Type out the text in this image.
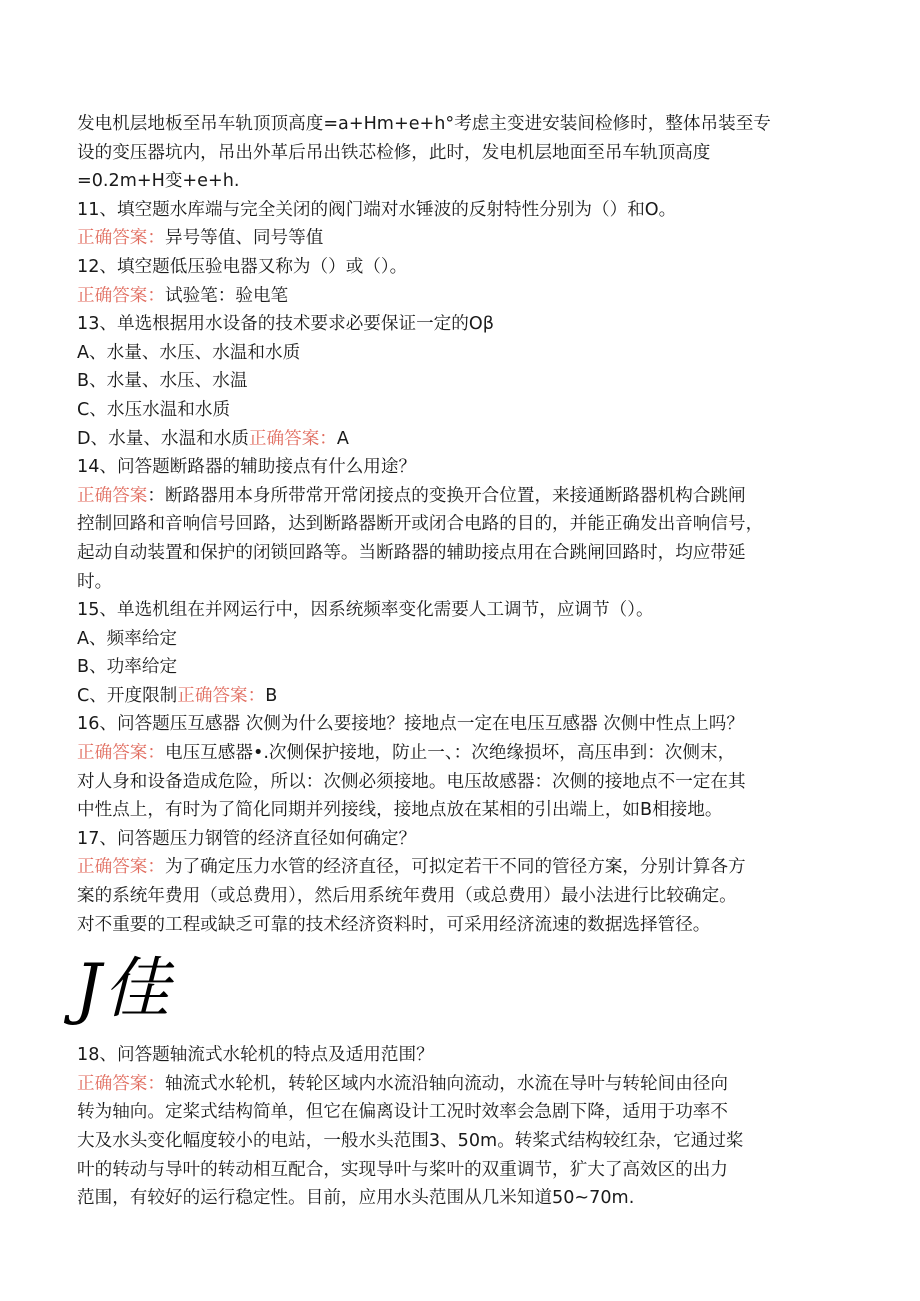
发电机层地板至吊车轨顶顶高度=a+Hm+e+h°考虑主变进安装间检修时，整体吊装至专
设的变压器坑内，吊出外革后吊出铁芯检修，此时，发电机层地面至吊车轨顶高度
=0.2m+H变+e+h.
11、填空题水库端与完全关闭的阀门端对水锤波的反射特性分别为（）和O。
正确答案：异号等值、同号等值
12、填空题低压验电器又称为（）或（）。
正确答案：试验笔：验电笔
13、单选根据用水设备的技术要求必要保证一定的Oβ
A、水量、水压、水温和水质
B、水量、水压、水温
C、水压水温和水质
D、水量、水温和水质正确答案：A
14、问答题断路器的辅助接点有什么用途？
正确答案：断路器用本身所带常开常闭接点的变换开合位置，来接通断路器机构合跳闸
控制回路和音响信号回路，达到断路器断开或闭合电路的目的，并能正确发出音响信号，
起动自动装置和保护的闭锁回路等。当断路器的辅助接点用在合跳闸回路时，均应带延
时。
15、单选机组在并网运行中，因系统频率变化需要人工调节，应调节（）。
A、频率给定
B、功率给定
C、开度限制正确答案：B
16、问答题压互感器 次侧为什么要接地？接地点一定在电压互感器 次侧中性点上吗？
正确答案：电压互感器•.次侧保护接地，防止一、：次绝缘损坏，高压串到：次侧末，
对人身和设备造成危险，所以：次侧必须接地。电压故感器：次侧的接地点不一定在其
中性点上，有时为了简化同期并列接线，接地点放在某相的引出端上，如B相接地。
17、问答题压力钢管的经济直径如何确定？
正确答案：为了确定压力水管的经济直径，可拟定若干不同的管径方案，分别计算各方
案的系统年费用（或总费用），然后用系统年费用（或总费用）最小法进行比较确定。
对不重要的工程或缺乏可靠的技术经济资料时，可采用经济流速的数据选择管径。
J佳
18、问答题轴流式水轮机的特点及适用范围？
正确答案：轴流式水轮机，转轮区域内水流沿轴向流动，水流在导叶与转轮间由径向
转为轴向。定桨式结构简单，但它在偏离设计工况时效率会急剧下降，适用于功率不
大及水头变化幅度较小的电站，一般水头范围3、50m。转桨式结构较红杂，它通过桨
叶的转动与导叶的转动相互配合，实现导叶与桨叶的双重调节，犷大了高效区的出力
范围，有较好的运行稳定性。目前，应用水头范围从几米知道50~70m.
